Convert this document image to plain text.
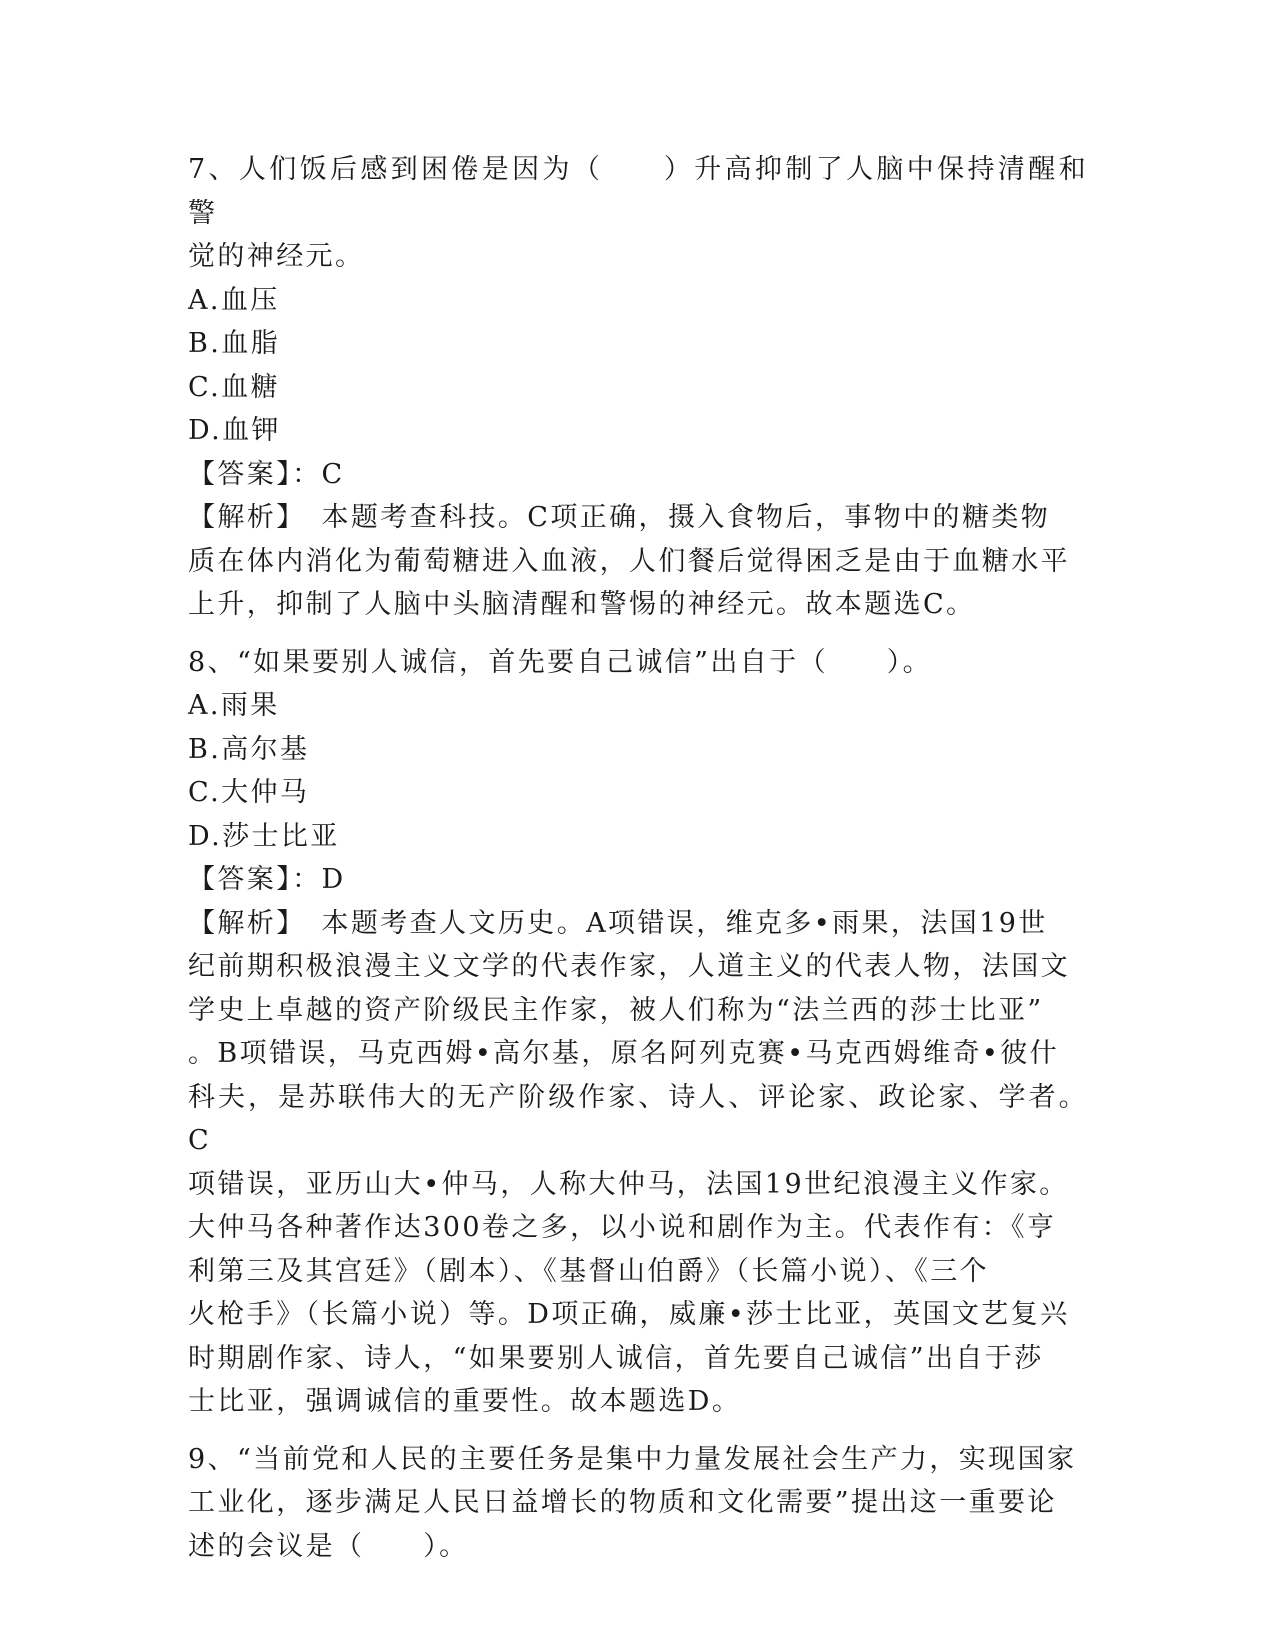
7、人们饭后感到困倦是因为（　　）升高抑制了人脑中保持清醒和警

觉的神经元。

A.血压

B.血脂

C.血糖

D.血钾

【答案】：C

【解析】　本题考查科技。C项正确，摄入食物后，事物中的糖类物

质在体内消化为葡萄糖进入血液，人们餐后觉得困乏是由于血糖水平

上升，抑制了人脑中头脑清醒和警惕的神经元。故本题选C。

8、“如果要别人诚信，首先要自己诚信”出自于（　　）。

A.雨果

B.高尔基

C.大仲马

D.莎士比亚

【答案】：D

【解析】　本题考查人文历史。A项错误，维克多•雨果，法国19世

纪前期积极浪漫主义文学的代表作家，人道主义的代表人物，法国文

学史上卓越的资产阶级民主作家，被人们称为“法兰西的莎士比亚”

。B项错误，马克西姆•高尔基，原名阿列克赛•马克西姆维奇•彼什

科夫，是苏联伟大的无产阶级作家、诗人、评论家、政论家、学者。C

项错误，亚历山大•仲马，人称大仲马，法国19世纪浪漫主义作家。

大仲马各种著作达300卷之多，以小说和剧作为主。代表作有：《亨

利第三及其宫廷》（剧本）、《基督山伯爵》（长篇小说）、《三个

火枪手》（长篇小说）等。D项正确，威廉•莎士比亚，英国文艺复兴

时期剧作家、诗人，“如果要别人诚信，首先要自己诚信”出自于莎

士比亚，强调诚信的重要性。故本题选D。

9、“当前党和人民的主要任务是集中力量发展社会生产力，实现国家

工业化，逐步满足人民日益增长的物质和文化需要”提出这一重要论

述的会议是（　　）。
